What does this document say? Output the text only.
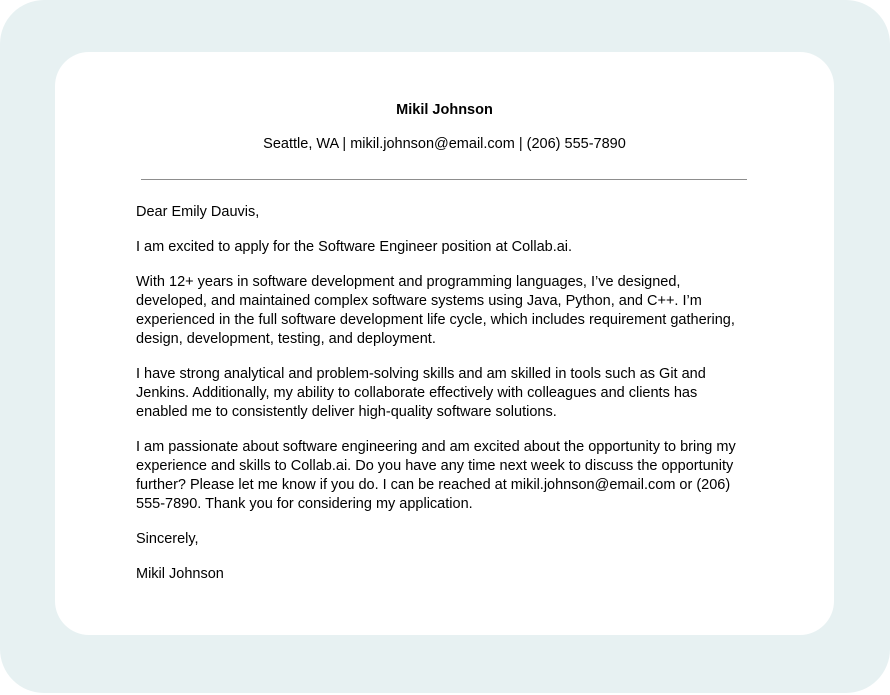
Mikil Johnson
Seattle, WA | mikil.johnson@email.com | (206) 555-7890

Dear Emily Dauvis,

I am excited to apply for the Software Engineer position at Collab.ai.

With 12+ years in software development and programming languages, I’ve designed, developed, and maintained complex software systems using Java, Python, and C++. I’m experienced in the full software development life cycle, which includes requirement gathering, design, development, testing, and deployment.

I have strong analytical and problem-solving skills and am skilled in tools such as Git and Jenkins. Additionally, my ability to collaborate effectively with colleagues and clients has enabled me to consistently deliver high-quality software solutions.

I am passionate about software engineering and am excited about the opportunity to bring my experience and skills to Collab.ai. Do you have any time next week to discuss the opportunity further? Please let me know if you do. I can be reached at mikil.johnson@email.com or (206) 555-7890. Thank you for considering my application.

Sincerely,

Mikil Johnson
